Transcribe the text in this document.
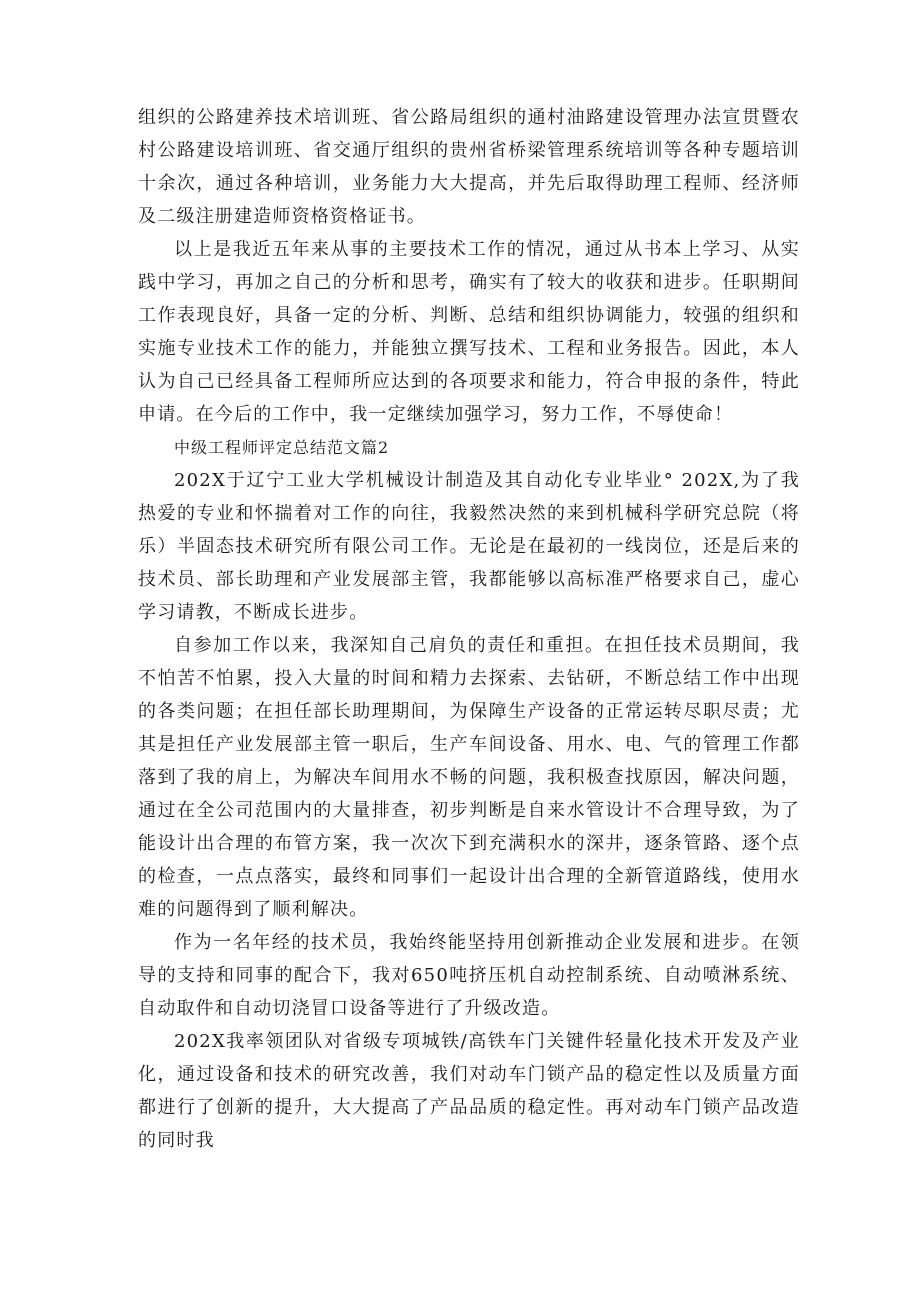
组织的公路建养技术培训班、省公路局组织的通村油路建设管理办法宣贯暨农村公路建设培训班、省交通厅组织的贵州省桥梁管理系统培训等各种专题培训十余次，通过各种培训，业务能力大大提高，并先后取得助理工程师、经济师及二级注册建造师资格资格证书。

以上是我近五年来从事的主要技术工作的情况，通过从书本上学习、从实践中学习，再加之自己的分析和思考，确实有了较大的收获和进步。任职期间工作表现良好，具备一定的分析、判断、总结和组织协调能力，较强的组织和实施专业技术工作的能力，并能独立撰写技术、工程和业务报告。因此，本人认为自己已经具备工程师所应达到的各项要求和能力，符合申报的条件，特此申请。在今后的工作中，我一定继续加强学习，努力工作，不辱使命！

中级工程师评定总结范文篇2

202X于辽宁工业大学机械设计制造及其自动化专业毕业° 202X,为了我热爱的专业和怀揣着对工作的向往，我毅然决然的来到机械科学研究总院（将乐）半固态技术研究所有限公司工作。无论是在最初的一线岗位，还是后来的技术员、部长助理和产业发展部主管，我都能够以高标准严格要求自己，虚心学习请教，不断成长进步。

自参加工作以来，我深知自己肩负的责任和重担。在担任技术员期间，我不怕苦不怕累，投入大量的时间和精力去探索、去钻研，不断总结工作中出现的各类问题；在担任部长助理期间，为保障生产设备的正常运转尽职尽责；尤其是担任产业发展部主管一职后，生产车间设备、用水、电、气的管理工作都落到了我的肩上，为解决车间用水不畅的问题，我积极查找原因，解决问题，通过在全公司范围内的大量排查，初步判断是自来水管设计不合理导致，为了能设计出合理的布管方案，我一次次下到充满积水的深井，逐条管路、逐个点的检查，一点点落实，最终和同事们一起设计出合理的全新管道路线，使用水难的问题得到了顺利解决。

作为一名年经的技术员，我始终能坚持用创新推动企业发展和进步。在领导的支持和同事的配合下，我对650吨挤压机自动控制系统、自动喷淋系统、自动取件和自动切浇冒口设备等进行了升级改造。

202X我率领团队对省级专项城铁/高铁车门关键件轻量化技术开发及产业化，通过设备和技术的研究改善，我们对动车门锁产品的稳定性以及质量方面都进行了创新的提升，大大提高了产品品质的稳定性。再对动车门锁产品改造的同时我
